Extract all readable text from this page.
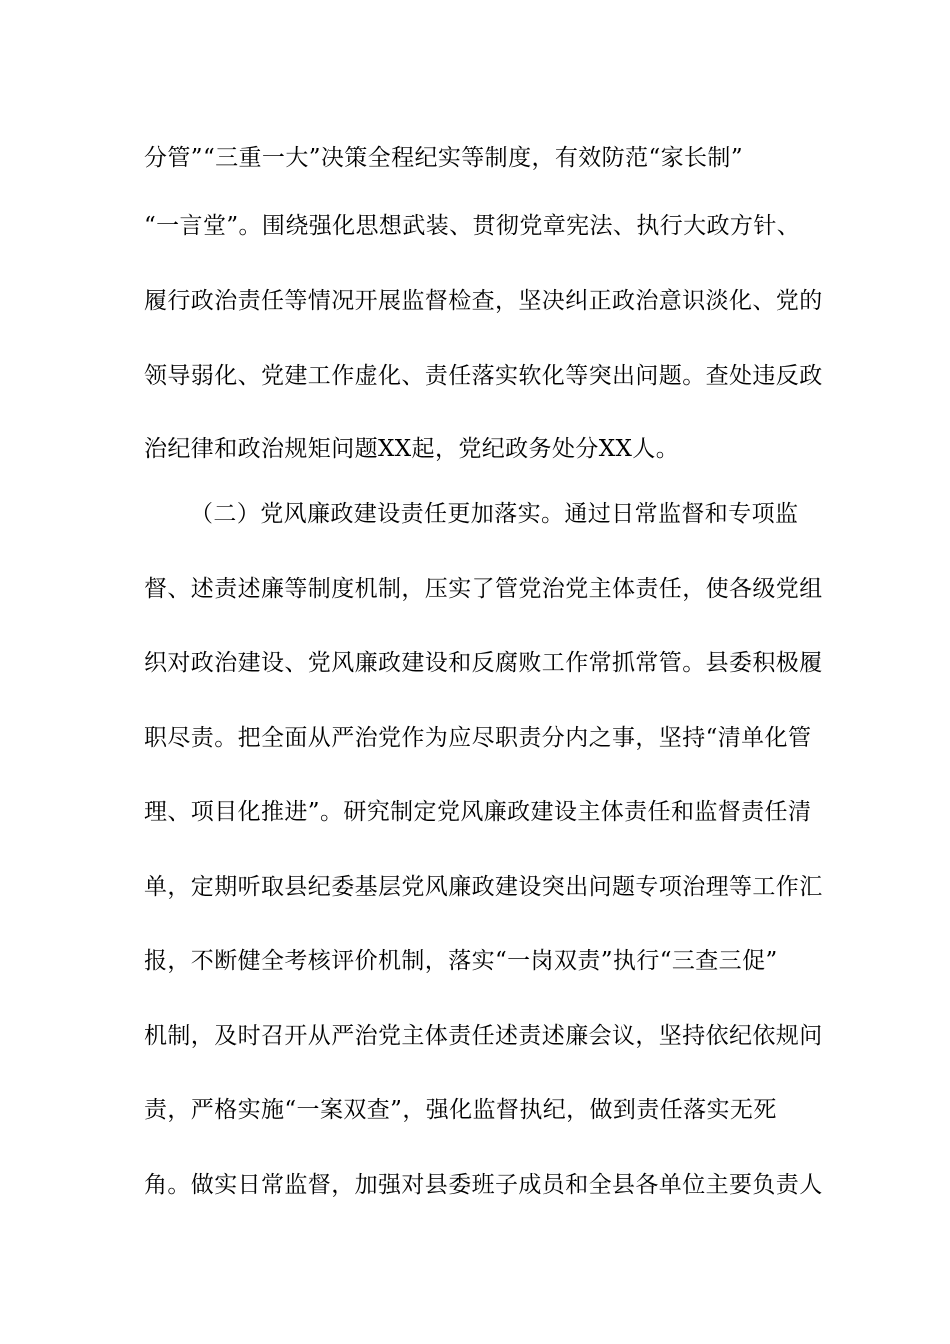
分管”“三重一大”决策全程纪实等制度，有效防范“家长制”
“一言堂”。围绕强化思想武装、贯彻党章宪法、执行大政方针、
履行政治责任等情况开展监督检查，坚决纠正政治意识淡化、党的
领导弱化、党建工作虚化、责任落实软化等突出问题。查处违反政
治纪律和政治规矩问题XX起，党纪政务处分XX人。
（二）党风廉政建设责任更加落实。通过日常监督和专项监
督、述责述廉等制度机制，压实了管党治党主体责任，使各级党组
织对政治建设、党风廉政建设和反腐败工作常抓常管。县委积极履
职尽责。把全面从严治党作为应尽职责分内之事，坚持“清单化管
理、项目化推进”。研究制定党风廉政建设主体责任和监督责任清
单，定期听取县纪委基层党风廉政建设突出问题专项治理等工作汇
报，不断健全考核评价机制，落实“一岗双责”执行“三查三促”
机制，及时召开从严治党主体责任述责述廉会议，坚持依纪依规问
责，严格实施“一案双查”，强化监督执纪，做到责任落实无死
角。做实日常监督，加强对县委班子成员和全县各单位主要负责人
